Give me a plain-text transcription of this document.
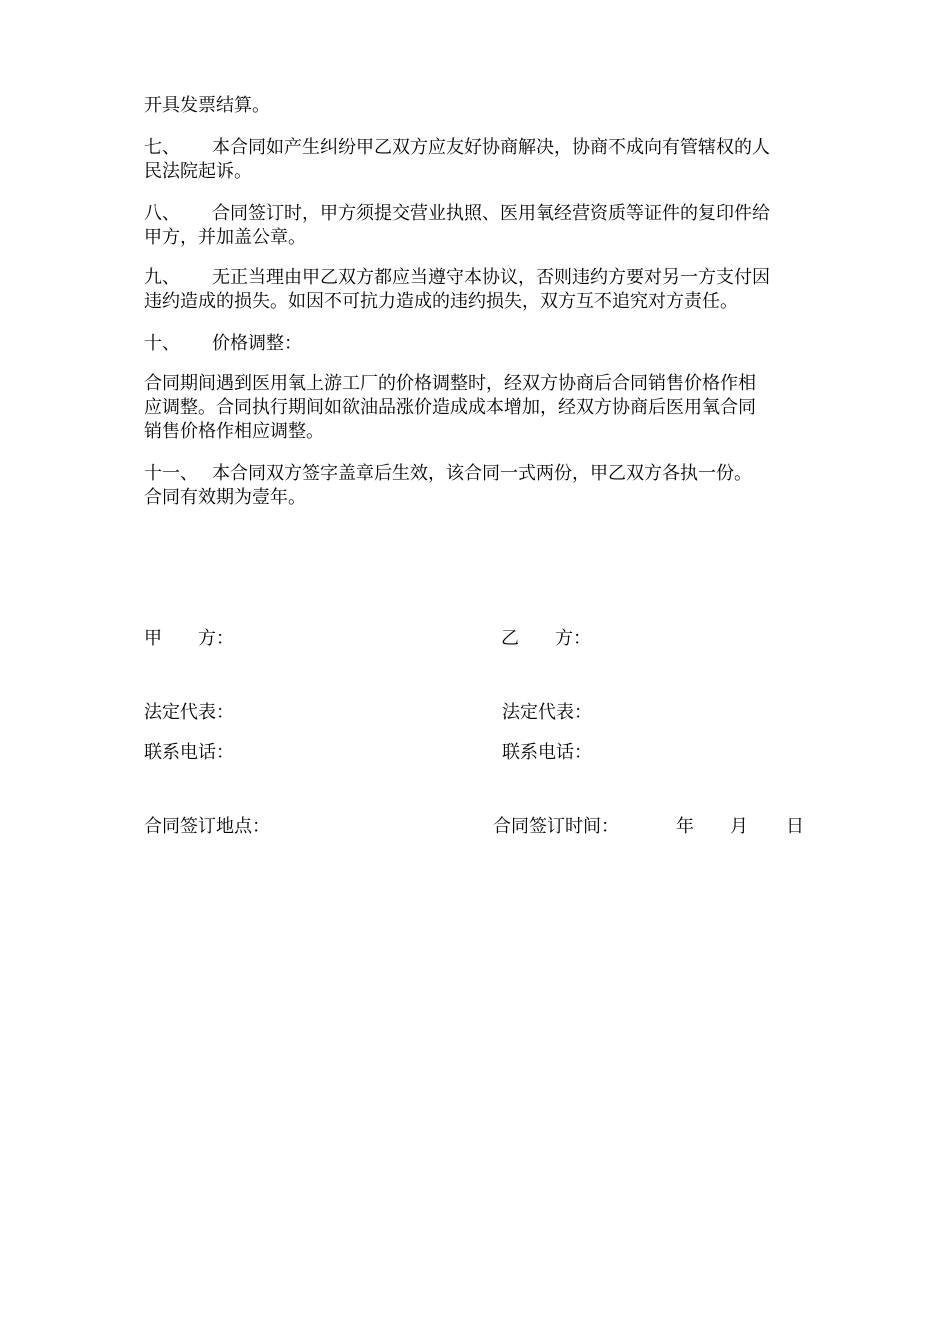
开具发票结算。
七、 本合同如产生纠纷甲乙双方应友好协商解决，协商不成向有管辖权的人
民法院起诉。
八、 合同签订时，甲方须提交营业执照、医用氧经营资质等证件的复印件给
甲方，并加盖公章。
九、 无正当理由甲乙双方都应当遵守本协议，否则违约方要对另一方支付因
违约造成的损失。如因不可抗力造成的违约损失，双方互不追究对方责任。
十、 价格调整：
合同期间遇到医用氧上游工厂的价格调整时，经双方协商后合同销售价格作相
应调整。合同执行期间如欲油品涨价造成成本增加，经双方协商后医用氧合同
销售价格作相应调整。
十一、 本合同双方签字盖章后生效，该合同一式两份，甲乙双方各执一份。
合同有效期为壹年。
甲　　方：	乙　　方：
法定代表：	法定代表：
联系电话：	联系电话：
合同签订地点：	合同签订时间：	年 月 日
